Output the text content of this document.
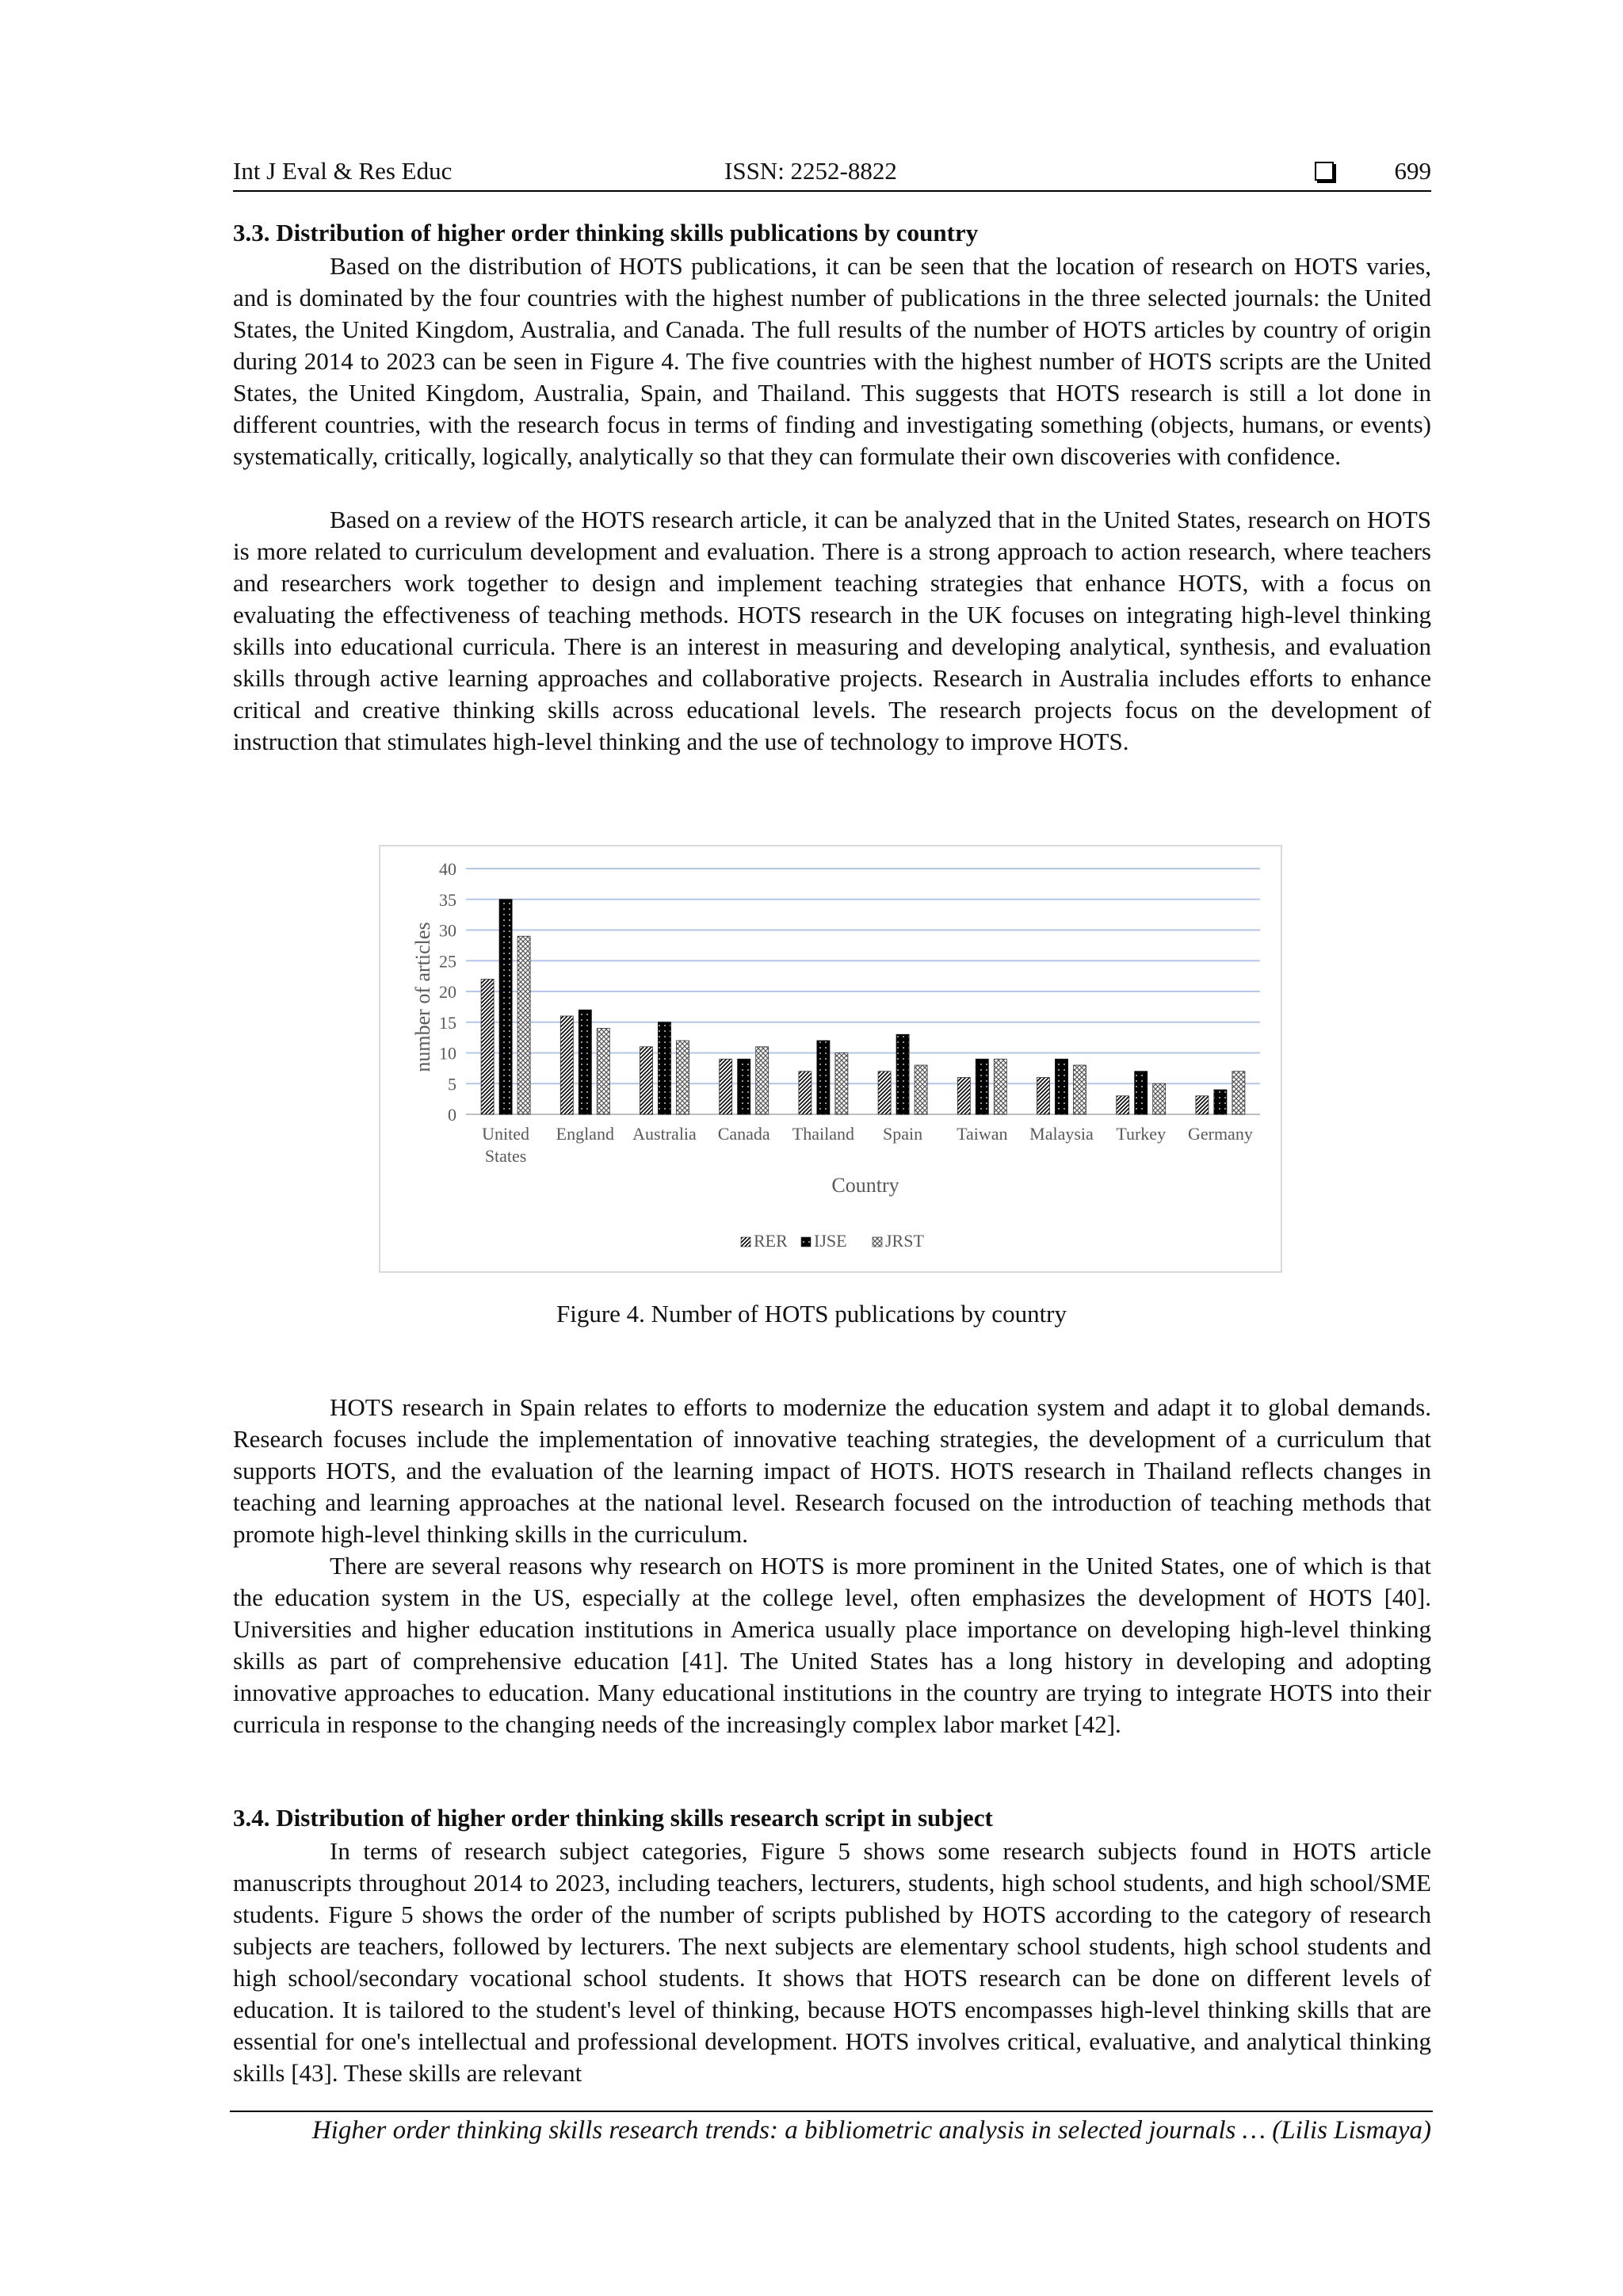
Int J Eval & Res Educ	ISSN: 2252-8822	699
3.3. Distribution of higher order thinking skills publications by country

Based on the distribution of HOTS publications, it can be seen that the location of research on HOTS varies, and is dominated by the four countries with the highest number of publications in the three selected journals: the United States, the United Kingdom, Australia, and Canada. The full results of the number of HOTS articles by country of origin during 2014 to 2023 can be seen in Figure 4. The five countries with the highest number of HOTS scripts are the United States, the United Kingdom, Australia, Spain, and Thailand. This suggests that HOTS research is still a lot done in different countries, with the research focus in terms of finding and investigating something (objects, humans, or events) systematically, critically, logically, analytically so that they can formulate their own discoveries with confidence.

Based on a review of the HOTS research article, it can be analyzed that in the United States, research on HOTS is more related to curriculum development and evaluation. There is a strong approach to action research, where teachers and researchers work together to design and implement teaching strategies that enhance HOTS, with a focus on evaluating the effectiveness of teaching methods. HOTS research in the UK focuses on integrating high-level thinking skills into educational curricula. There is an interest in measuring and developing analytical, synthesis, and evaluation skills through active learning approaches and collaborative projects. Research in Australia includes efforts to enhance critical and creative thinking skills across educational levels. The research projects focus on the development of instruction that stimulates high-level thinking and the use of technology to improve HOTS.

0
5
10
15
20
25
30
35
40
United
States
England Australia Canada Thailand Spain Taiwan Malaysia Turkey Germany
number of articles
Country
RER IJSE JRST
Figure 4. Number of HOTS publications by country

HOTS research in Spain relates to efforts to modernize the education system and adapt it to global demands. Research focuses include the implementation of innovative teaching strategies, the development of a curriculum that supports HOTS, and the evaluation of the learning impact of HOTS. HOTS research in Thailand reflects changes in teaching and learning approaches at the national level. Research focused on the introduction of teaching methods that promote high-level thinking skills in the curriculum.

There are several reasons why research on HOTS is more prominent in the United States, one of which is that the education system in the US, especially at the college level, often emphasizes the development of HOTS [40]. Universities and higher education institutions in America usually place importance on developing high-level thinking skills as part of comprehensive education [41]. The United States has a long history in developing and adopting innovative approaches to education. Many educational institutions in the country are trying to integrate HOTS into their curricula in response to the changing needs of the increasingly complex labor market [42].

3.4. Distribution of higher order thinking skills research script in subject

In terms of research subject categories, Figure 5 shows some research subjects found in HOTS article manuscripts throughout 2014 to 2023, including teachers, lecturers, students, high school students, and high school/SME students. Figure 5 shows the order of the number of scripts published by HOTS according to the category of research subjects are teachers, followed by lecturers. The next subjects are elementary school students, high school students and high school/secondary vocational school students. It shows that HOTS research can be done on different levels of education. It is tailored to the student's level of thinking, because HOTS encompasses high-level thinking skills that are essential for one's intellectual and professional development. HOTS involves critical, evaluative, and analytical thinking skills [43]. These skills are relevant

Higher order thinking skills research trends: a bibliometric analysis in selected journals … (Lilis Lismaya)
